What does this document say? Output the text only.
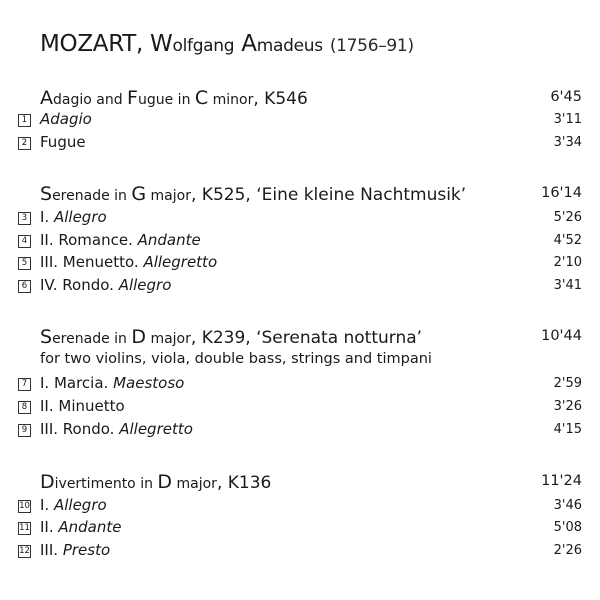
MOZART, Wolfgang Amadeus (1756–91)
Adagio and Fugue in C minor, K546	6'45
1 Adagio	3'11
2 Fugue	3'34
Serenade in G major, K525, ‘Eine kleine Nachtmusik’	16'14
3 I. Allegro	5'26
4 II. Romance. Andante	4'52
5 III. Menuetto. Allegretto	2'10
6 IV. Rondo. Allegro	3'41
Serenade in D major, K239, ‘Serenata notturna’	10'44
for two violins, viola, double bass, strings and timpani
7 I. Marcia. Maestoso	2'59
8 II. Minuetto	3'26
9 III. Rondo. Allegretto	4'15
Divertimento in D major, K136	11'24
10 I. Allegro	3'46
11 II. Andante	5'08
12 III. Presto	2'26
